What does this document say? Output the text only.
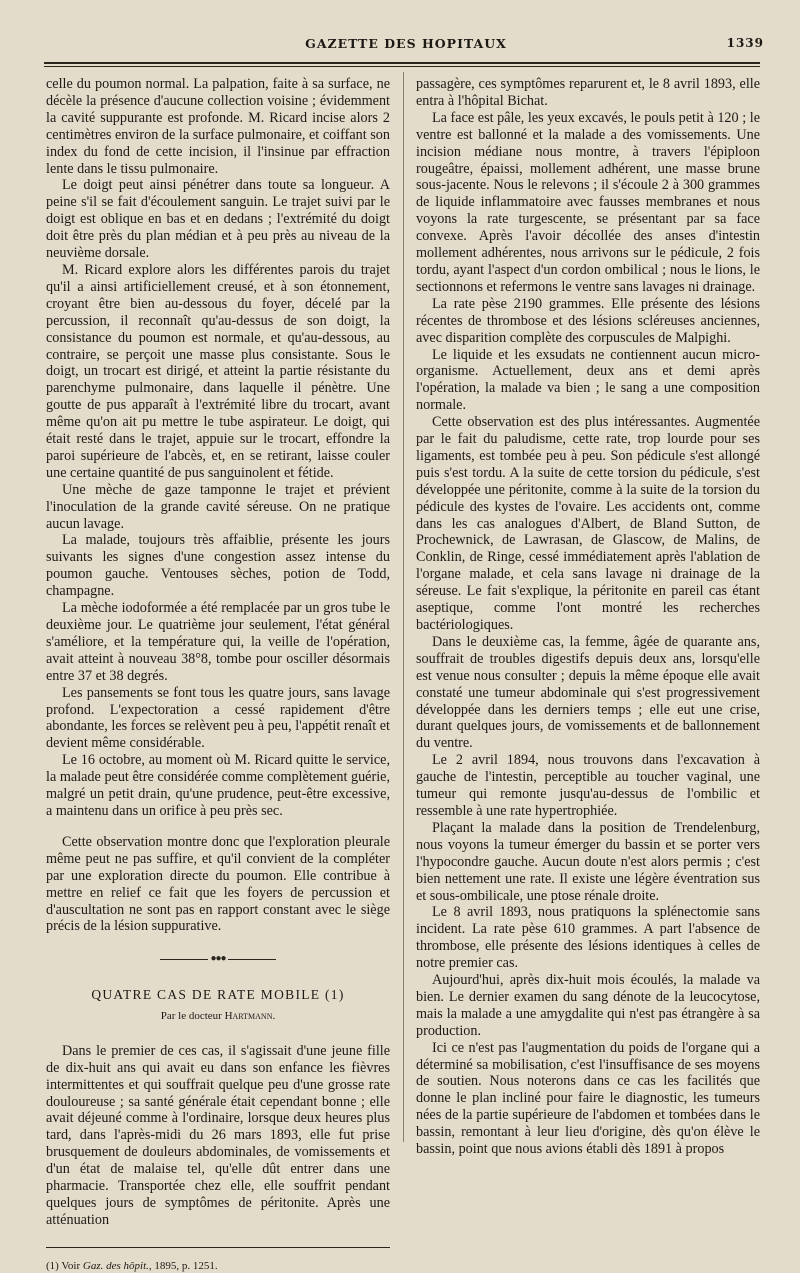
GAZETTE DES HOPITAUX	1339

celle du poumon normal. La palpation, faite à sa surface, ne décèle la présence d'aucune collection voisine ; évidemment la cavité suppurante est profonde. M. Ricard incise alors 2 centimètres environ de la surface pulmonaire, et coiffant son index du fond de cette incision, il l'insinue par effraction lente dans le tissu pulmonaire.

Le doigt peut ainsi pénétrer dans toute sa longueur. A peine s'il se fait d'écoulement sanguin. Le trajet suivi par le doigt est oblique en bas et en dedans ; l'extrémité du doigt doit être près du plan médian et à peu près au niveau de la neuvième dorsale.

M. Ricard explore alors les différentes parois du trajet qu'il a ainsi artificiellement creusé, et à son étonnement, croyant être bien au-dessous du foyer, décelé par la percussion, il reconnaît qu'au-dessus de son doigt, la consistance du poumon est normale, et qu'au-dessous, au contraire, se perçoit une masse plus consistante. Sous le doigt, un trocart est dirigé, et atteint la partie résistante du parenchyme pulmonaire, dans laquelle il pénètre. Une goutte de pus apparaît à l'extrémité libre du trocart, avant même qu'on ait pu mettre le tube aspirateur. Le doigt, qui était resté dans le trajet, appuie sur le trocart, effondre la paroi supérieure de l'abcès, et, en se retirant, laisse couler une certaine quantité de pus sanguinolent et fétide.

Une mèche de gaze tamponne le trajet et prévient l'inoculation de la grande cavité séreuse. On ne pratique aucun lavage.

La malade, toujours très affaiblie, présente les jours suivants les signes d'une congestion assez intense du poumon gauche. Ventouses sèches, potion de Todd, champagne.

La mèche iodoformée a été remplacée par un gros tube le deuxième jour. Le quatrième jour seulement, l'état général s'améliore, et la température qui, la veille de l'opération, avait atteint à nouveau 38°8, tombe pour osciller désormais entre 37 et 38 degrés.

Les pansements se font tous les quatre jours, sans lavage profond. L'expectoration a cessé rapidement d'être abondante, les forces se relèvent peu à peu, l'appétit renaît et devient même considérable.

Le 16 octobre, au moment où M. Ricard quitte le service, la malade peut être considérée comme complètement guérie, malgré un petit drain, qu'une prudence, peut-être excessive, a maintenu dans un orifice à peu près sec.

Cette observation montre donc que l'exploration pleurale même peut ne pas suffire, et qu'il convient de la compléter par une exploration directe du poumon. Elle contribue à mettre en relief ce fait que les foyers de percussion et d'auscultation ne sont pas en rapport constant avec le siège précis de la lésion suppurative.

●●●
QUATRE CAS DE RATE MOBILE (1)
Par le docteur Hartmann.

Dans le premier de ces cas, il s'agissait d'une jeune fille de dix-huit ans qui avait eu dans son enfance les fièvres intermittentes et qui souffrait quelque peu d'une grosse rate douloureuse ; sa santé générale était cependant bonne ; elle avait déjeuné comme à l'ordinaire, lorsque deux heures plus tard, dans l'après-midi du 26 mars 1893, elle fut prise brusquement de douleurs abdominales, de vomissements et d'un état de malaise tel, qu'elle dût entrer dans une pharmacie. Transportée chez elle, elle souffrit pendant quelques jours de symptômes de péritonite. Après une atténuation

(1) Voir Gaz. des hôpit., 1895, p. 1251.

passagère, ces symptômes reparurent et, le 8 avril 1893, elle entra à l'hôpital Bichat.

La face est pâle, les yeux excavés, le pouls petit à 120 ; le ventre est ballonné et la malade a des vomissements. Une incision médiane nous montre, à travers l'épiploon rougeâtre, épaissi, mollement adhérent, une masse brune sous-jacente. Nous le relevons ; il s'écoule 2 à 300 grammes de liquide inflammatoire avec fausses membranes et nous voyons la rate turgescente, se présentant par sa face convexe. Après l'avoir décollée des anses d'intestin mollement adhérentes, nous arrivons sur le pédicule, 2 fois tordu, ayant l'aspect d'un cordon ombilical ; nous le lions, le sectionnons et refermons le ventre sans lavages ni drainage.

La rate pèse 2190 grammes. Elle présente des lésions récentes de thrombose et des lésions scléreuses anciennes, avec disparition complète des corpuscules de Malpighi.

Le liquide et les exsudats ne contiennent aucun micro-organisme. Actuellement, deux ans et demi après l'opération, la malade va bien ; le sang a une composition normale.

Cette observation est des plus intéressantes. Augmentée par le fait du paludisme, cette rate, trop lourde pour ses ligaments, est tombée peu à peu. Son pédicule s'est allongé puis s'est tordu. A la suite de cette torsion du pédicule, s'est développée une péritonite, comme à la suite de la torsion du pédicule des kystes de l'ovaire. Les accidents ont, comme dans les cas analogues d'Albert, de Bland Sutton, de Prochewnick, de Lawrasan, de Glascow, de Malins, de Conklin, de Ringe, cessé immédiatement après l'ablation de l'organe malade, et cela sans lavage ni drainage de la séreuse. Le fait s'explique, la péritonite en pareil cas étant aseptique, comme l'ont montré les recherches bactériologiques.

Dans le deuxième cas, la femme, âgée de quarante ans, souffrait de troubles digestifs depuis deux ans, lorsqu'elle est venue nous consulter ; depuis la même époque elle avait constaté une tumeur abdominale qui s'est progressivement développée dans les derniers temps ; elle eut une crise, durant quelques jours, de vomissements et de ballonnement du ventre.

Le 2 avril 1894, nous trouvons dans l'excavation à gauche de l'intestin, perceptible au toucher vaginal, une tumeur qui remonte jusqu'au-dessus de l'ombilic et ressemble à une rate hypertrophiée.

Plaçant la malade dans la position de Trendelenburg, nous voyons la tumeur émerger du bassin et se porter vers l'hypocondre gauche. Aucun doute n'est alors permis ; c'est bien nettement une rate. Il existe une légère éventration sus et sous-ombilicale, une ptose rénale droite.

Le 8 avril 1893, nous pratiquons la splénectomie sans incident. La rate pèse 610 grammes. A part l'absence de thrombose, elle présente des lésions identiques à celles de notre premier cas.

Aujourd'hui, après dix-huit mois écoulés, la malade va bien. Le dernier examen du sang dénote de la leucocytose, mais la malade a une amygdalite qui n'est pas étrangère à sa production.

Ici ce n'est pas l'augmentation du poids de l'organe qui a déterminé sa mobilisation, c'est l'insuffisance de ses moyens de soutien. Nous noterons dans ce cas les facilités que donne le plan incliné pour faire le diagnostic, les tumeurs nées de la partie supérieure de l'abdomen et tombées dans le bassin, remontant à leur lieu d'origine, dès qu'on élève le bassin, point que nous avions établi dès 1891 à propos
